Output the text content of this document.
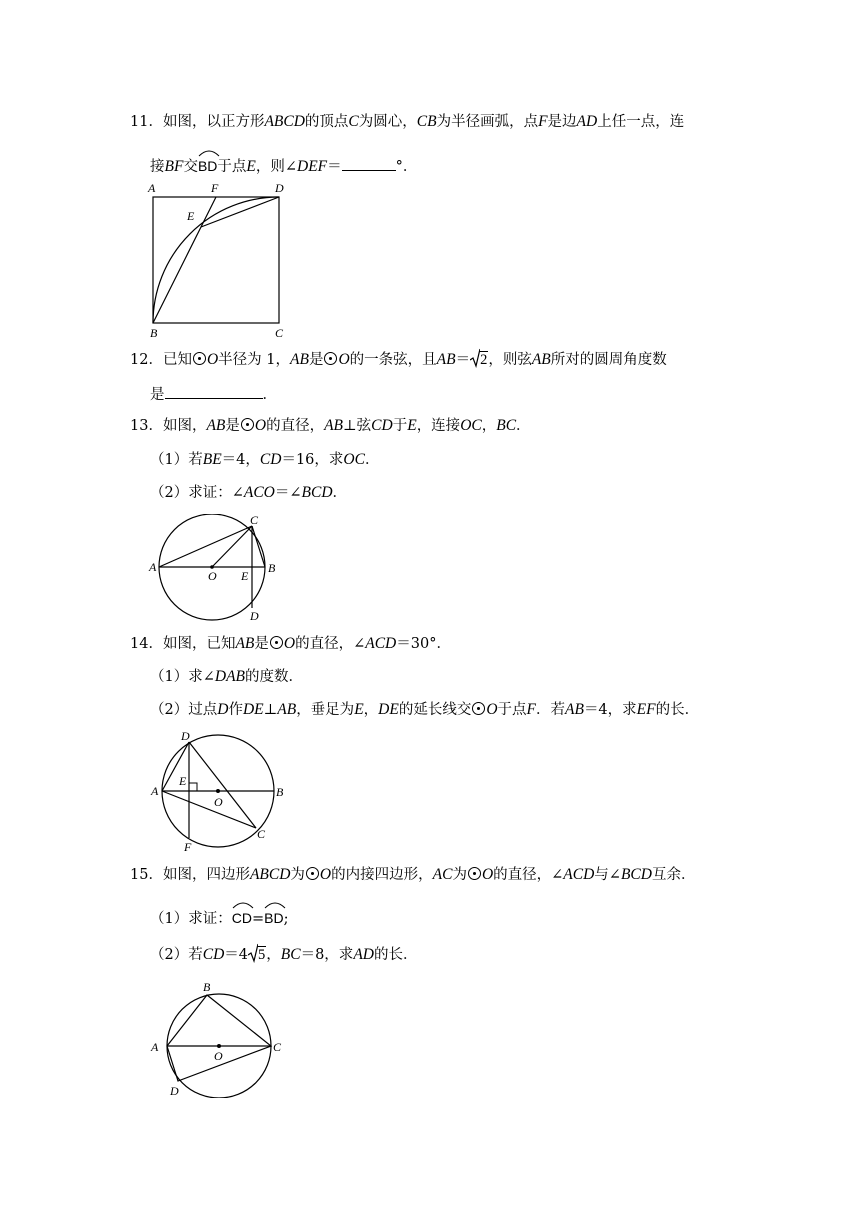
11．如图，以正方形ABCD的顶点C为圆心，CB为半径画弧，点F是边AD上任一点，连
接BF交
BD于点E，则∠DEF＝	°．
A	F	D
E
B	C
12．已知 O半径为 1，AB是 O的一条弦，且AB＝ 2，则弦AB所对的圆周角度数
是	．
13．如图，AB是 O的直径，AB⊥弦CD于E，连接OC，BC．
（1）若BE＝4，CD＝16，求OC．
（2）求证：∠ACO＝∠BCD．
A
O E
B
C
D
14．如图，已知AB是 O的直径，∠ACD＝30°．
（1）求∠DAB的度数．
（2）过点D作DE⊥AB，垂足为E，DE的延长线交 O于点F．若AB＝4，求EF的长．
D
E
A
O
B
F
C
15．如图，四边形ABCD为 O的内接四边形，AC为 O的直径，∠ACD与∠BCD互余．
（1）求证：
CD=
BD;
（2）若CD＝4 5，BC＝8，求AD的长．
B
A
O
C
D
